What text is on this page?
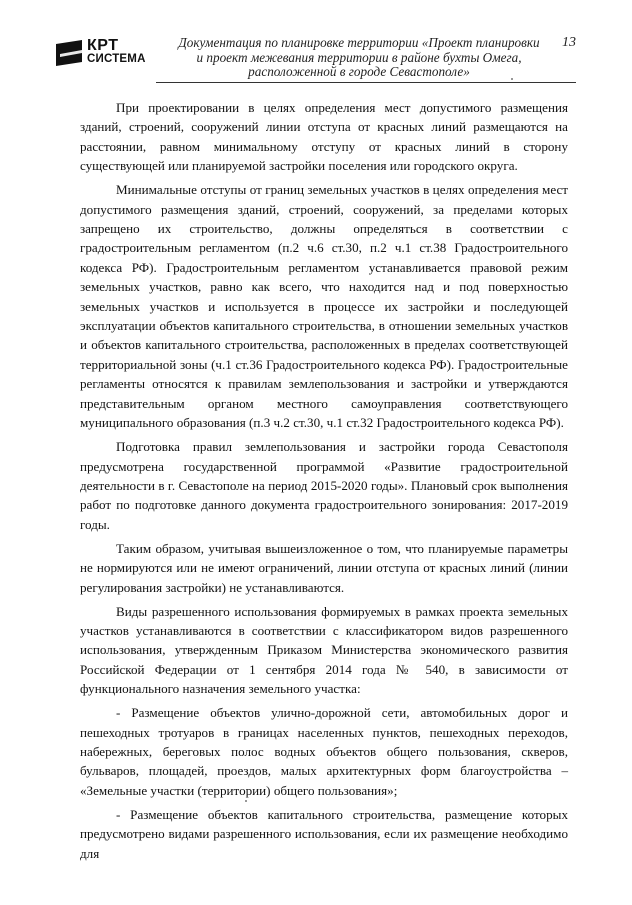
КРТ
СИСТЕМА
Документация по планировке территории «Проект планировки
и проект межевания территории в районе бухты Омега,
расположенной в городе Севастополе»
13

При проектировании в целях определения мест допустимого размещения зданий, строений, сооружений линии отступа от красных линий размещаются на расстоянии, равном минимальному отступу от красных линий в сторону существующей или планируемой застройки поселения или городского округа.

Минимальные отступы от границ земельных участков в целях определения мест допустимого размещения зданий, строений, сооружений, за пределами которых запрещено их строительство, должны определяться в соответствии с градостроительным регламентом (п.2 ч.6 ст.30, п.2 ч.1 ст.38 Градостроительного кодекса РФ). Градостроительным регламентом устанавливается правовой режим земельных участков, равно как всего, что находится над и под поверхностью земельных участков и используется в процессе их застройки и последующей эксплуатации объектов капитального строительства, в отношении земельных участков и объектов капитального строительства, расположенных в пределах соответствующей территориальной зоны (ч.1 ст.36 Градостроительного кодекса РФ). Градостроительные регламенты относятся к правилам землепользования и застройки и утверждаются представительным органом местного самоуправления соответствующего муниципального образования (п.3 ч.2 ст.30, ч.1 ст.32 Градостроительного кодекса РФ).

Подготовка правил землепользования и застройки города Севастополя предусмотрена государственной программой «Развитие градостроительной деятельности в г. Севастополе на период 2015-2020 годы». Плановый срок выполнения работ по подготовке данного документа градостроительного зонирования: 2017-2019 годы.

Таким образом, учитывая вышеизложенное о том, что планируемые параметры не нормируются или не имеют ограничений, линии отступа от красных линий (линии регулирования застройки) не устанавливаются.

Виды разрешенного использования формируемых в рамках проекта земельных участков устанавливаются в соответствии с классификатором видов разрешенного использования, утвержденным Приказом Министерства экономического развития Российской Федерации от 1 сентября 2014 года № 540, в зависимости от функционального назначения земельного участка:

- Размещение объектов улично-дорожной сети, автомобильных дорог и пешеходных тротуаров в границах населенных пунктов, пешеходных переходов, набережных, береговых полос водных объектов общего пользования, скверов, бульваров, площадей, проездов, малых архитектурных форм благоустройства – «Земельные участки (территории) общего пользования»;

- Размещение объектов капитального строительства, размещение которых предусмотрено видами разрешенного использования, если их размещение необходимо для
